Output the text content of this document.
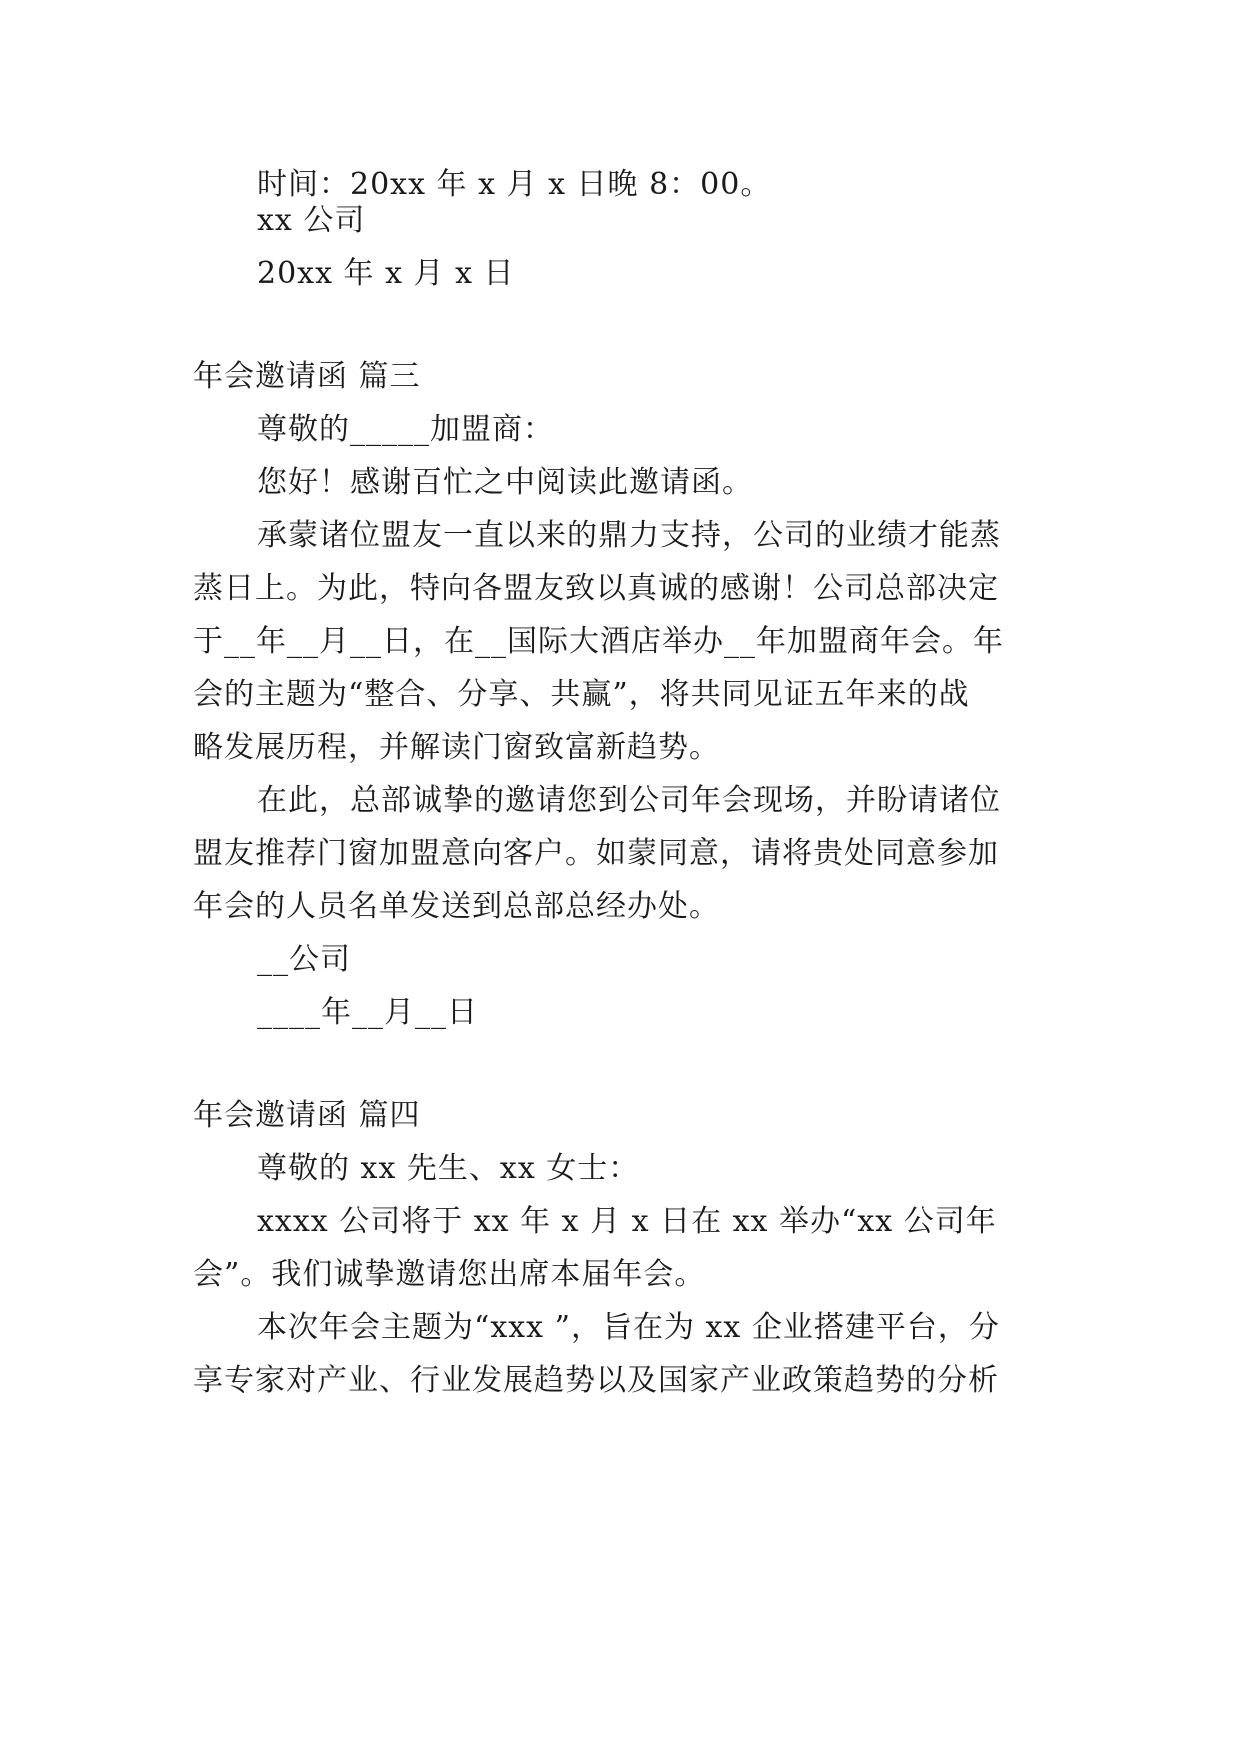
时间：20xx 年 x 月 x 日晚 8：00。
xx 公司
20xx 年 x 月 x 日
年会邀请函 篇三
尊敬的_____加盟商：
您好！感谢百忙之中阅读此邀请函。
承蒙诸位盟友一直以来的鼎力支持，公司的业绩才能蒸
蒸日上。为此，特向各盟友致以真诚的感谢！公司总部决定
于__年__月__日，在__国际大酒店举办__年加盟商年会。年
会的主题为“整合、分享、共赢”，将共同见证五年来的战
略发展历程，并解读门窗致富新趋势。
在此，总部诚挚的邀请您到公司年会现场，并盼请诸位
盟友推荐门窗加盟意向客户。如蒙同意，请将贵处同意参加
年会的人员名单发送到总部总经办处。
__公司
____年__月__日
年会邀请函 篇四
尊敬的 xx 先生、xx 女士：
xxxx 公司将于 xx 年 x 月 x 日在 xx 举办“xx 公司年
会”。我们诚挚邀请您出席本届年会。
本次年会主题为“xxx ”，旨在为 xx 企业搭建平台，分
享专家对产业、行业发展趋势以及国家产业政策趋势的分析
